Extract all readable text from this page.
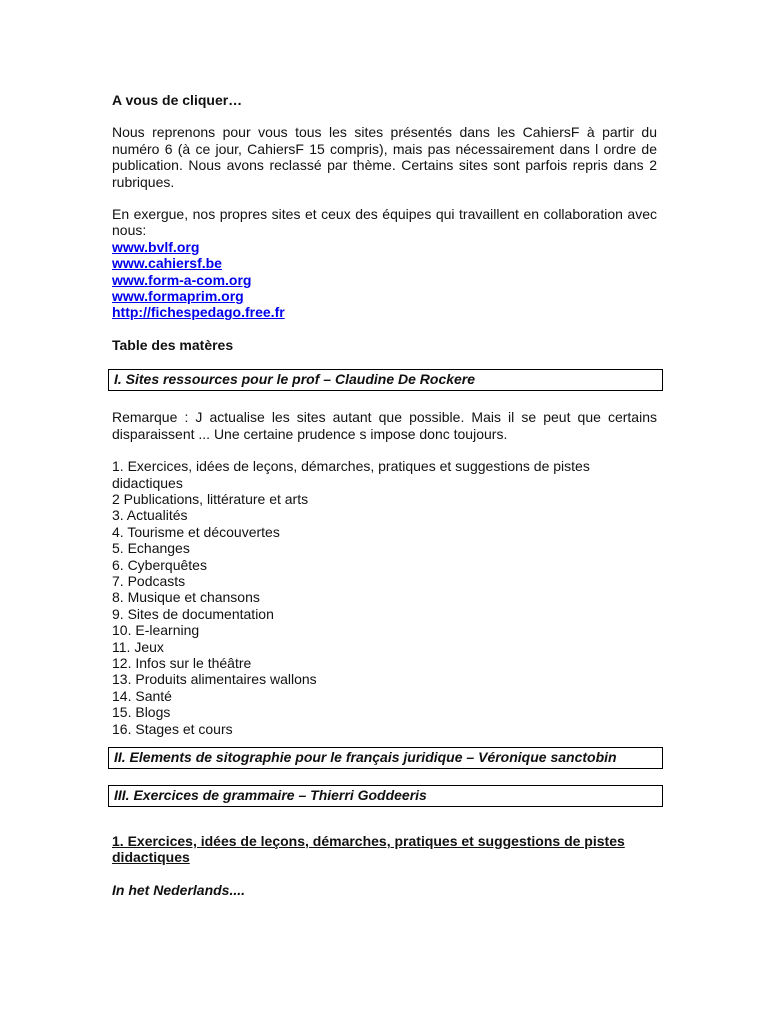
A vous de cliquer…

Nous reprenons pour vous tous les sites présentés dans les CahiersF à partir du numéro 6 (à ce jour, CahiersF 15 compris), mais pas nécessairement dans l ordre de publication. Nous avons reclassé par thème. Certains sites sont parfois repris dans 2 rubriques.

En exergue, nos propres sites et ceux des équipes qui travaillent en collaboration avec nous:

www.bvlf.org
www.cahiersf.be
www.form-a-com.org
www.formaprim.org
http://fichespedago.free.fr

Table des matères

I. Sites ressources pour le prof – Claudine De Rockere

Remarque : J actualise les sites autant que possible. Mais il se peut que certains disparaissent ... Une certaine prudence s impose donc toujours.

1. Exercices, idées de leçons, démarches, pratiques et suggestions de pistes didactiques
2 Publications, littérature et arts
3. Actualités
4. Tourisme et découvertes
5. Echanges
6. Cyberquêtes
7. Podcasts
8. Musique et chansons
9. Sites de documentation
10. E-learning
11. Jeux
12. Infos sur le théâtre
13. Produits alimentaires wallons
14. Santé
15. Blogs
16. Stages et cours
II. Elements de sitographie pour le français juridique – Véronique sanctobin
III. Exercices de grammaire – Thierri Goddeeris

1. Exercices, idées de leçons, démarches, pratiques et suggestions de pistes didactiques

In het Nederlands....
